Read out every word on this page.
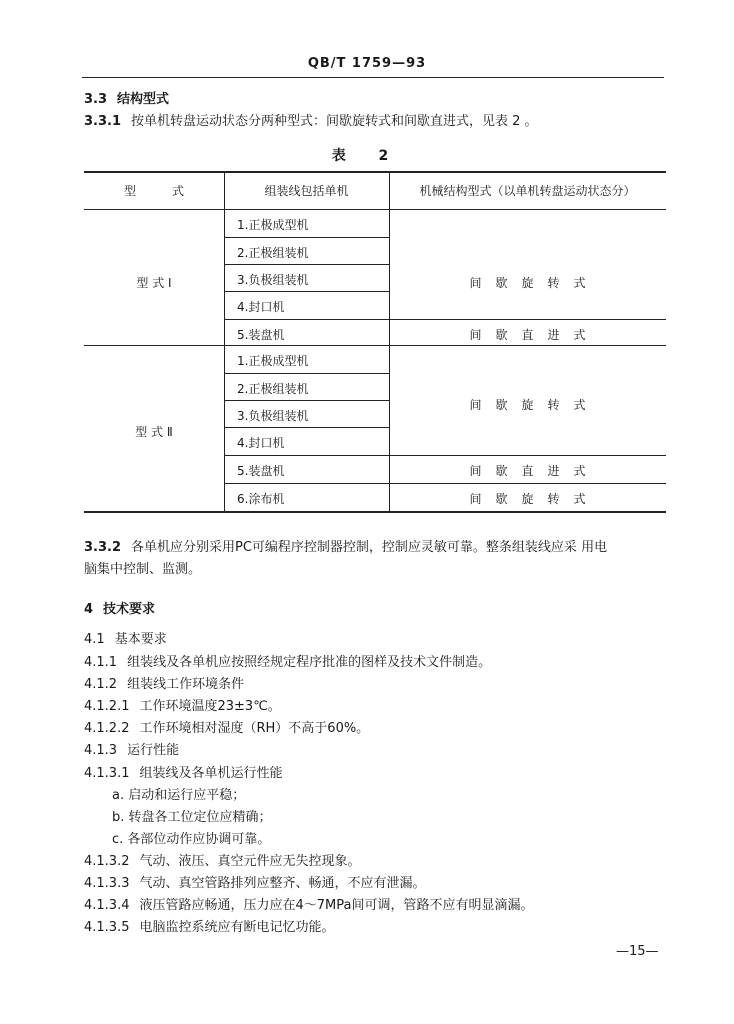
QB/T 1759—93
3.3 结构型式
3.3.1 按单机转盘运动状态分两种型式：间歇旋转式和间歇直进式，见表 2 。
表 2
型　　　式	组装线包括单机	机械结构型式（以单机转盘运动状态分）
型 式 Ⅰ
1.正极成型机
2.正极组装机
3.负极组装机
4.封口机
5.装盘机
间歇旋转式
间歇直进式
型 式 Ⅱ
1.正极成型机
2.正极组装机
3.负极组装机
4.封口机
5.装盘机
6.涂布机
间歇旋转式
间歇直进式
间歇旋转式
3.3.2 各单机应分别采用PC可编程序控制器控制，控制应灵敏可靠。整条组装线应采 用电
脑集中控制、监测。
4 技术要求
4.1 基本要求
4.1.1 组装线及各单机应按照经规定程序批准的图样及技术文件制造。
4.1.2 组装线工作环境条件
4.1.2.1 工作环境温度23±3℃。
4.1.2.2 工作环境相对湿度（RH）不高于60%。
4.1.3 运行性能
4.1.3.1 组装线及各单机运行性能
a. 启动和运行应平稳；
b. 转盘各工位定位应精确；
c. 各部位动作应协调可靠。
4.1.3.2 气动、液压、真空元件应无失控现象。
4.1.3.3 气动、真空管路排列应整齐、畅通，不应有泄漏。
4.1.3.4 液压管路应畅通，压力应在4～7MPa间可调，管路不应有明显滴漏。
4.1.3.5 电脑监控系统应有断电记忆功能。
—15—
